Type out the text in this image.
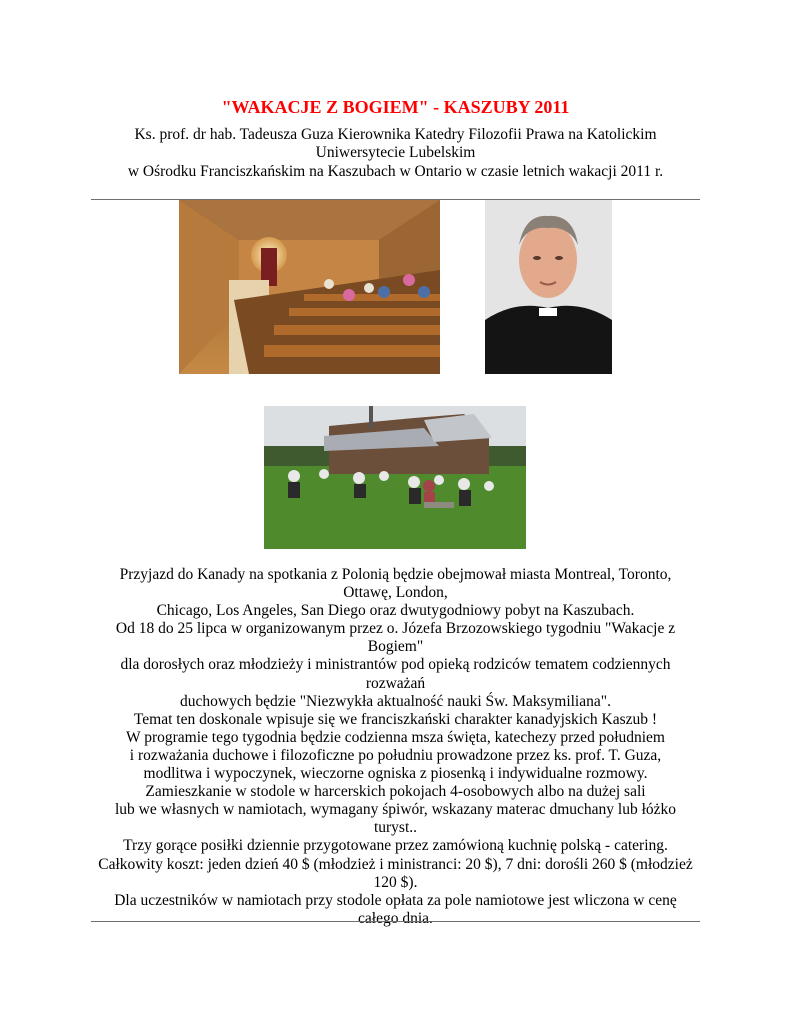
"WAKACJE Z BOGIEM" - KASZUBY 2011
Ks. prof. dr hab. Tadeusza Guza Kierownika Katedry Filozofii Prawa na Katolickim
Uniwersytecie Lubelskim
w Ośrodku Franciszkańskim na Kaszubach w Ontario w czasie letnich wakacji 2011 r.
Przyjazd do Kanady na spotkania z Polonią będzie obejmował miasta Montreal, Toronto,
Ottawę, London,
Chicago, Los Angeles, San Diego oraz dwutygodniowy pobyt na Kaszubach.
Od 18 do 25 lipca w organizowanym przez o. Józefa Brzozowskiego tygodniu "Wakacje z
Bogiem"
dla dorosłych oraz młodzieży i ministrantów pod opieką rodziców tematem codziennych
rozważań
duchowych będzie "Niezwykła aktualność nauki Św. Maksymiliana".
Temat ten doskonale wpisuje się we franciszkański charakter kanadyjskich Kaszub !
W programie tego tygodnia będzie codzienna msza święta, katechezy przed południem
i rozważania duchowe i filozoficzne po południu prowadzone przez ks. prof. T. Guza,
modlitwa i wypoczynek, wieczorne ogniska z piosenką i indywidualne rozmowy.
Zamieszkanie w stodole w harcerskich pokojach 4-osobowych albo na dużej sali
lub we własnych w namiotach, wymagany śpiwór, wskazany materac dmuchany lub łóżko
turyst..
Trzy gorące posiłki dziennie przygotowane przez zamówioną kuchnię polską - catering.
Całkowity koszt: jeden dzień 40 $ (młodzież i ministranci: 20 $), 7 dni: dorośli 260 $ (młodzież
120 $).
Dla uczestników w namiotach przy stodole opłata za pole namiotowe jest wliczona w cenę
całego dnia.
